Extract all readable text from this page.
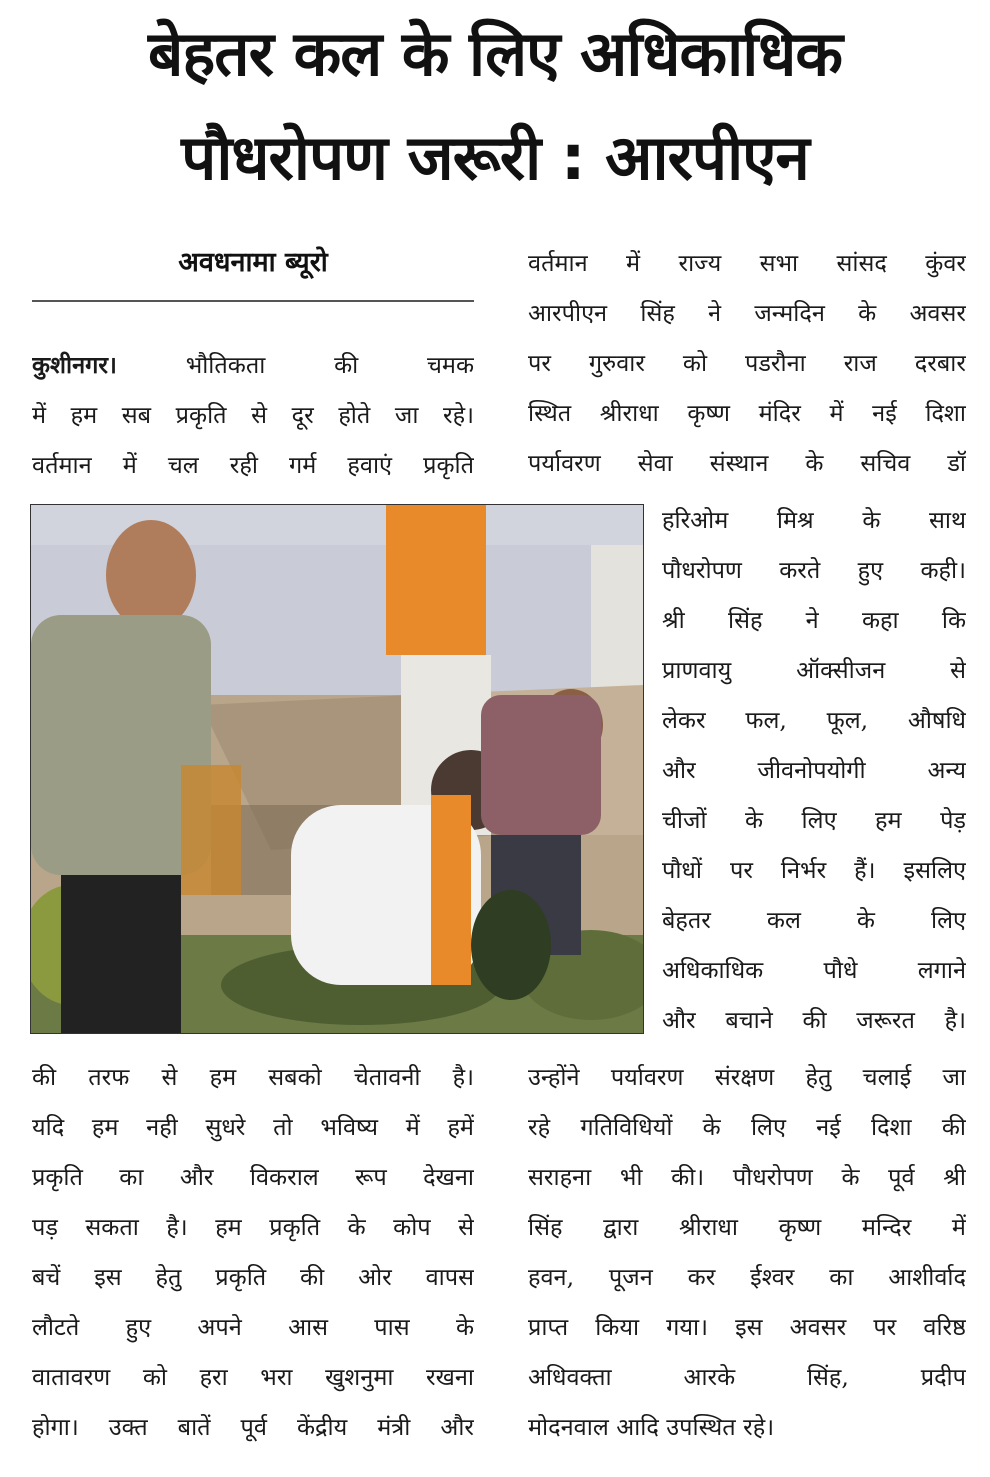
बेहतर कल के लिए अधिकाधिक
पौधरोपण जरूरी : आरपीएन
अवधनामा ब्यूरो
कुशीनगर।	भौतिकता की चमक
में हम सब प्रकृति से दूर होते जा रहे।
वर्तमान में चल रही गर्म हवाएं प्रकृति
वर्तमान में राज्य सभा सांसद कुंवर
आरपीएन सिंह ने जन्मदिन के अवसर
पर गुरुवार को पडरौना राज दरबार
स्थित श्रीराधा कृष्ण मंदिर में नई दिशा
पर्यावरण सेवा संस्थान के सचिव डॉ
हरिओम मिश्र के साथ
पौधरोपण करते हुए कही।
श्री सिंह ने कहा कि
प्राणवायु ऑक्सीजन से
लेकर फल, फूल, औषधि
और जीवनोपयोगी अन्य
चीजों के लिए हम पेड़
पौधों पर निर्भर हैं। इसलिए
बेहतर कल के लिए
अधिकाधिक पौधे लगाने
और बचाने की जरूरत है।
की तरफ से हम सबको चेतावनी है।
यदि हम नही सुधरे तो भविष्य में हमें
प्रकृति का और विकराल रूप देखना
पड़ सकता है। हम प्रकृति के कोप से
बचें इस हेतु प्रकृति की ओर वापस
लौटते हुए अपने आस पास के
वातावरण को हरा भरा खुशनुमा रखना
होगा। उक्त बातें पूर्व केंद्रीय मंत्री और
उन्होंने पर्यावरण संरक्षण हेतु चलाई जा
रहे गतिविधियों के लिए नई दिशा की
सराहना भी की। पौधरोपण के पूर्व श्री
सिंह द्वारा श्रीराधा कृष्ण मन्दिर में
हवन, पूजन कर ईश्वर का आशीर्वाद
प्राप्त किया गया। इस अवसर पर वरिष्ठ
अधिवक्ता आरके सिंह, प्रदीप
मोदनवाल आदि उपस्थित रहे।
